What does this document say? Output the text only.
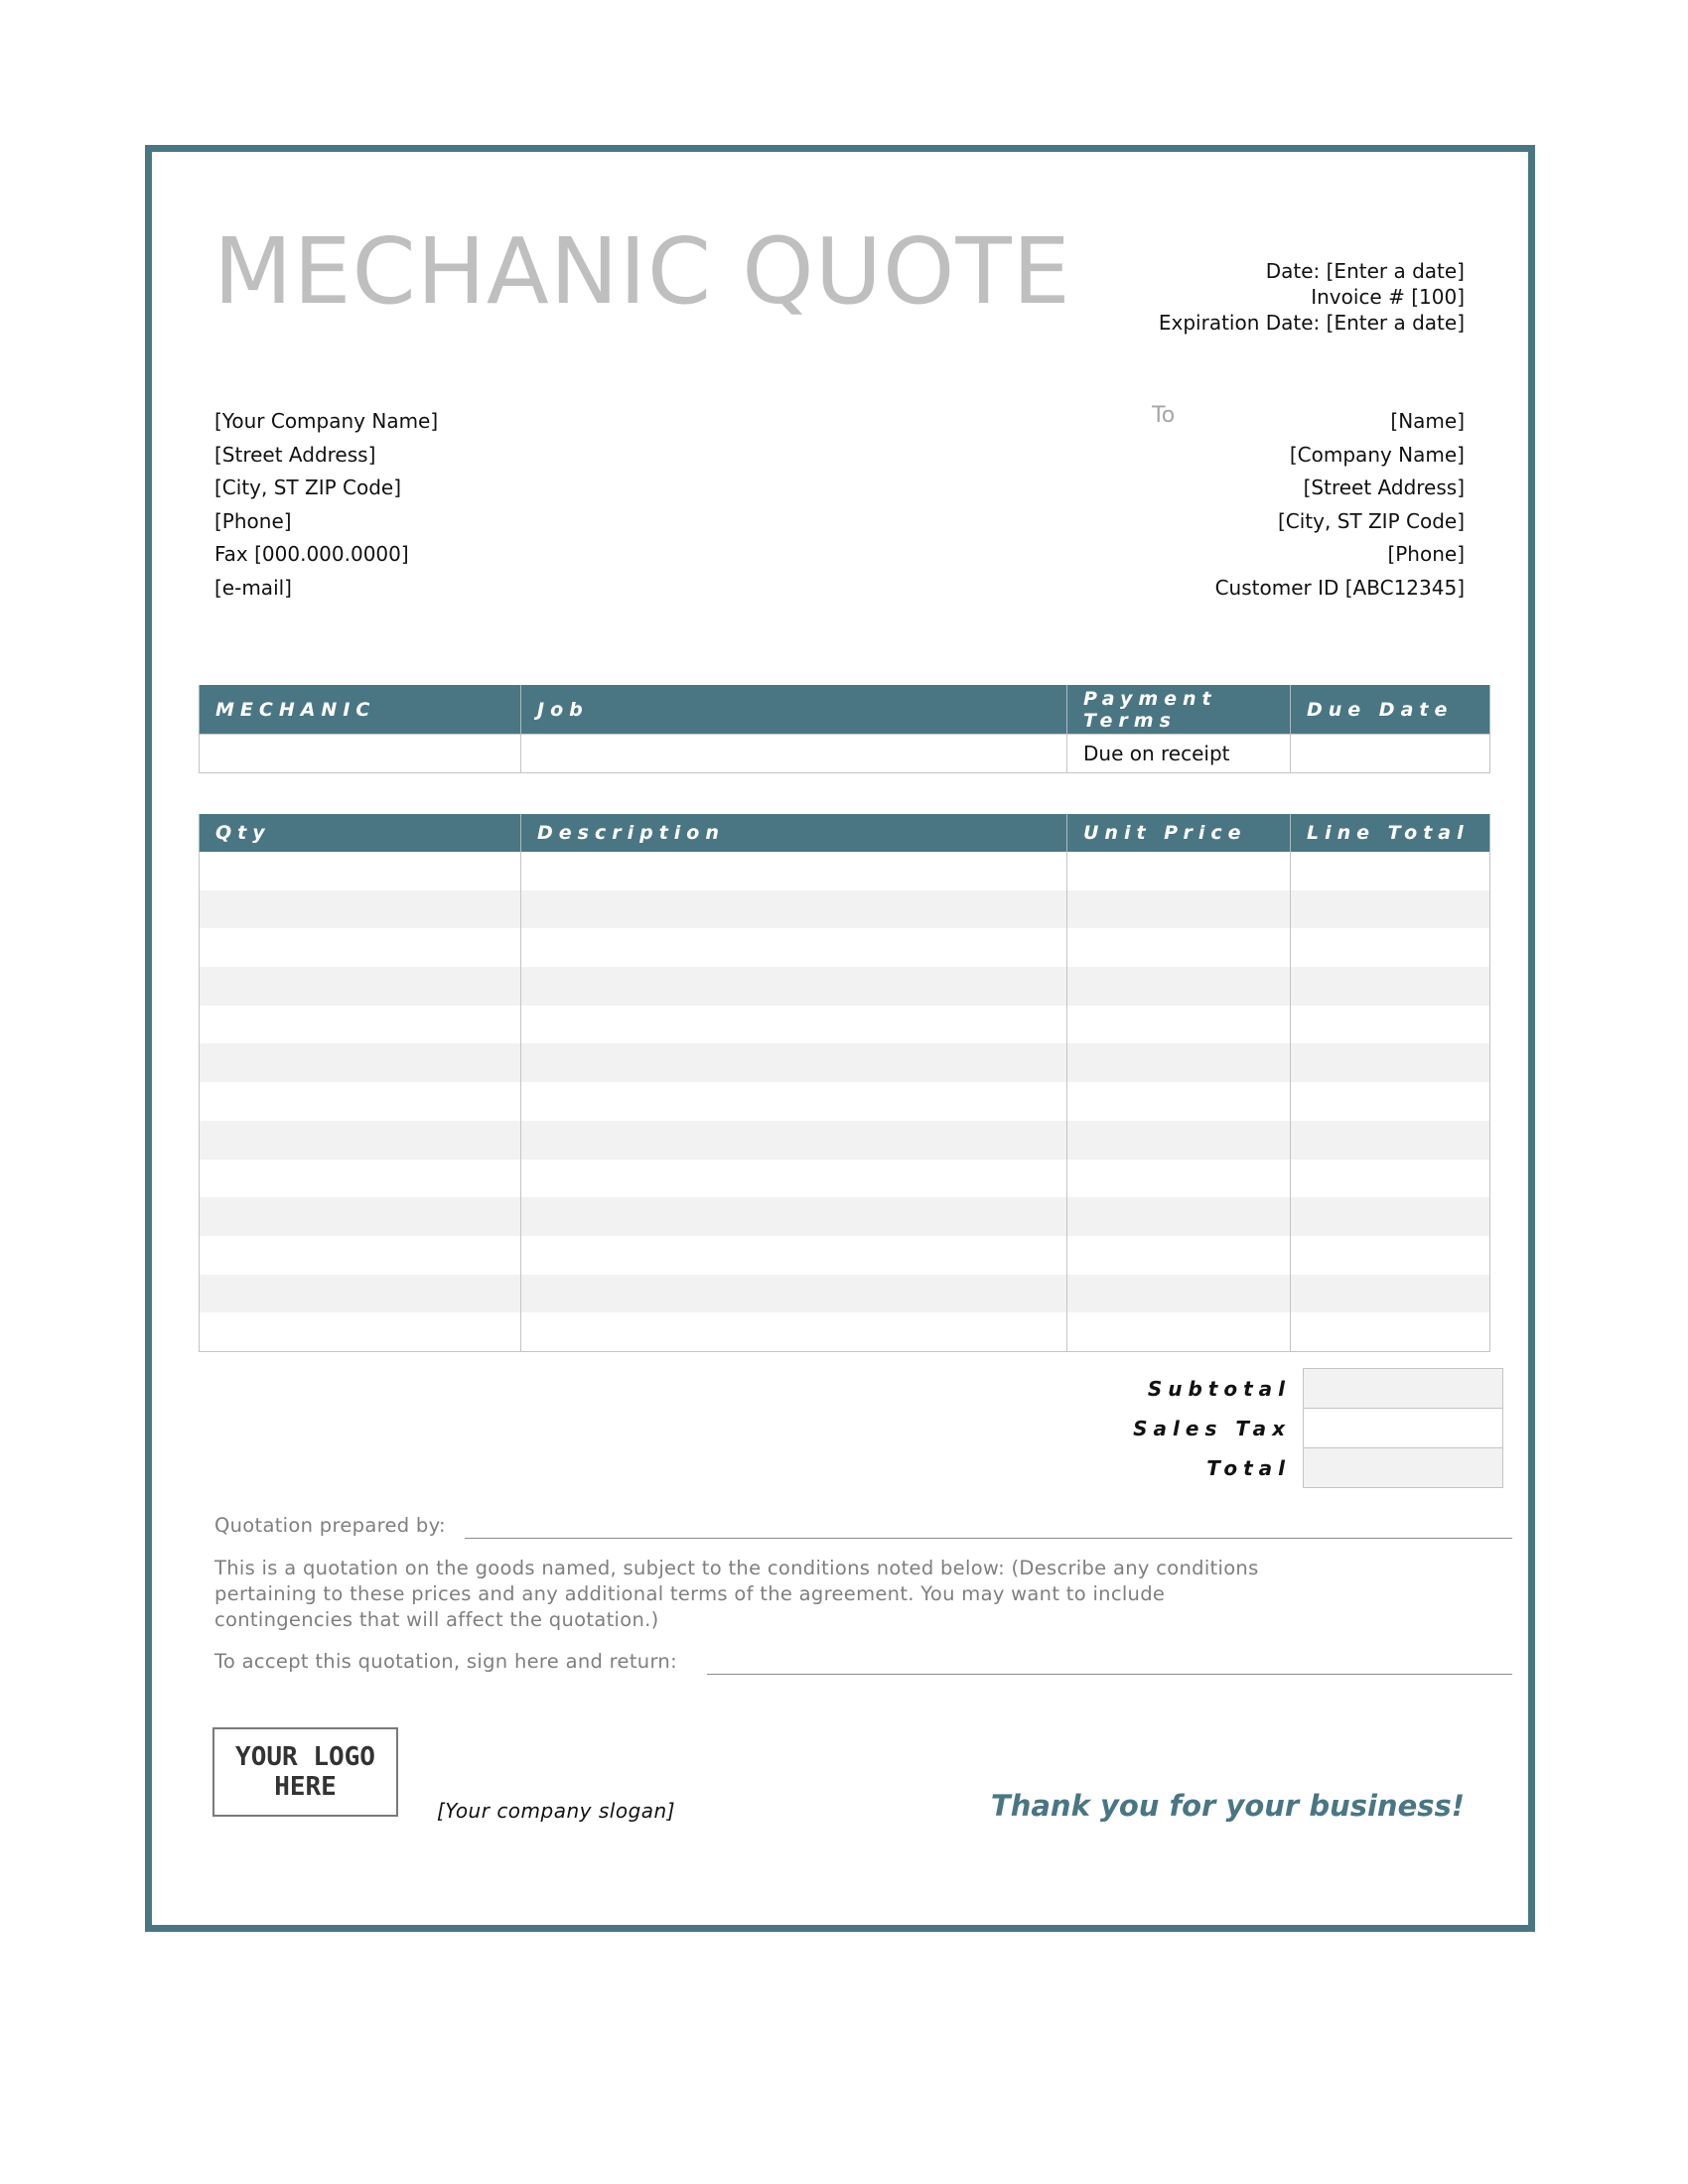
MECHANIC QUOTE	Date: [Enter a date]
Invoice # [100]
Expiration Date: [Enter a date]
[Your Company Name]
[Street Address]
[City, ST ZIP Code]
[Phone]
Fax [000.000.0000]
[e-mail]
To	[Name]
[Company Name]
[Street Address]
[City, ST ZIP Code]
[Phone]
Customer ID [ABC12345]
MECHANIC	Job	Payment Terms	Due Date
		Due on receipt	
Qty	Description	Unit Price	Line Total

Subtotal	
Sales Tax	
Total	
Quotation prepared by:
This is a quotation on the goods named, subject to the conditions noted below: (Describe any conditions pertaining to these prices and any additional terms of the agreement. You may want to include contingencies that will affect the quotation.)
To accept this quotation, sign here and return:
YOUR LOGO HERE
[Your company slogan]	Thank you for your business!
